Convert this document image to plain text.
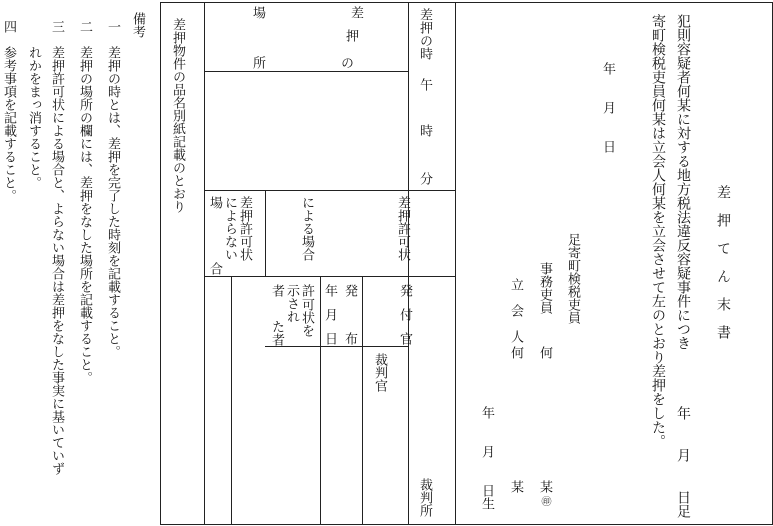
差　押　て　ん　末　書
犯則容疑者何某に対する地方税法違反容疑事件につき
年　　月　　日足
寄町検税吏員何某は立会人何某を立会させて左のとおり差押をした。
年　　月　　日
足寄町検税吏員
事務吏員
何
某
㊞
立　会　人
何
某
年　　月　　日生
差押の時
午
時
分
差
押
の
場
所
差押許可状
による場合
差押許可状
によらない
場
合
発
付
官
裁判官
裁判所
発
布
年
月
日
許
可状を
示され
た者
者
差押物件の品名別紙記載のとおり
備考
一　差押の時とは、差押を完了した時刻を記載すること。
二　差押の場所の欄には、差押をなした場所を記載すること。
三　差押許可状による場合と、よらない場合は差押をなした事実に基いていず
れかをまっ消すること。
四　参考事項を記載すること。
